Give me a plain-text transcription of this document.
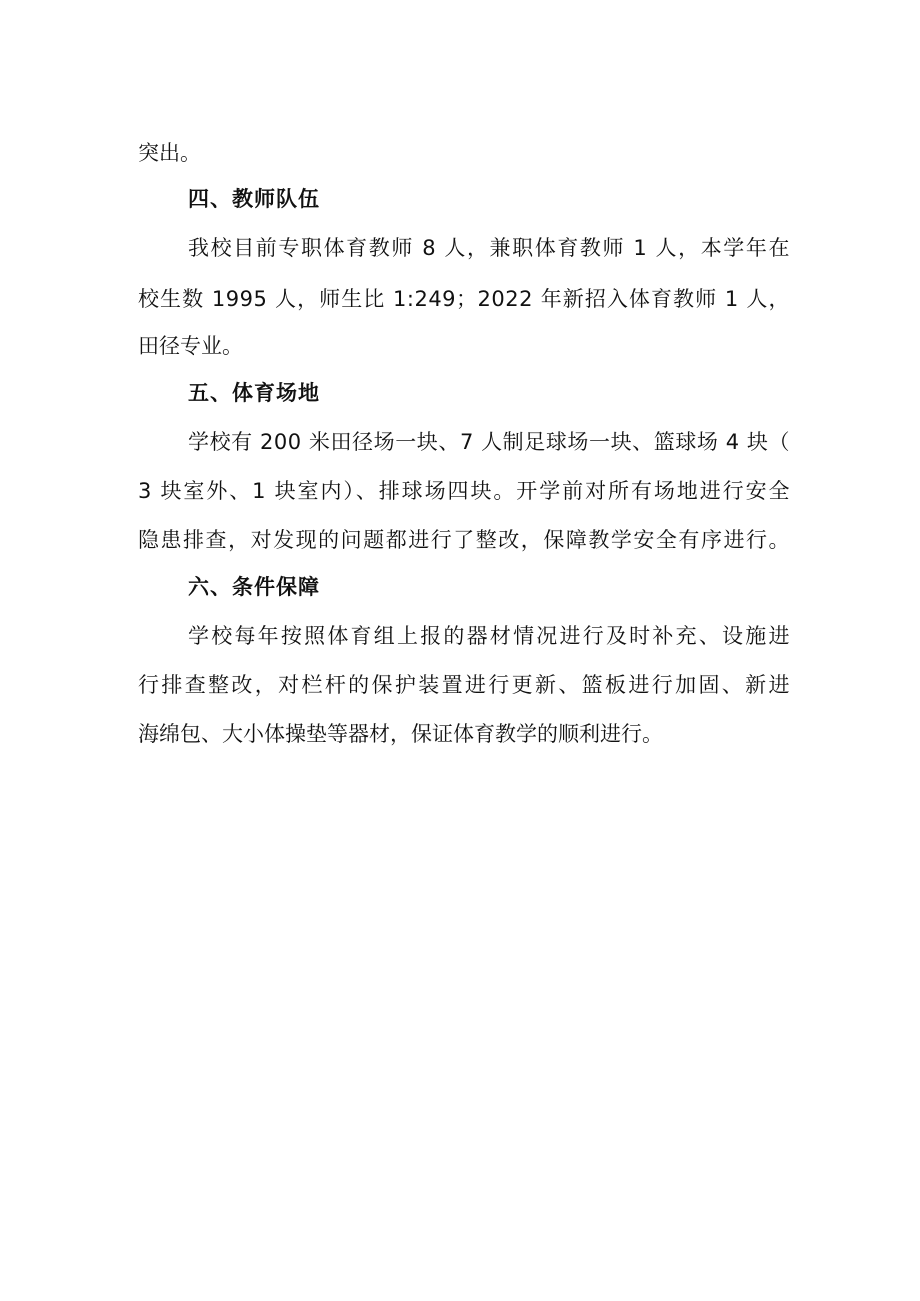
突出。
四、教师队伍
我校目前专职体育教师 8 人，兼职体育教师 1 人，本学年在
校生数 1995 人，师生比 1:249；2022 年新招入体育教师 1 人，
田径专业。
五、体育场地
学校有 200 米田径场一块、7 人制足球场一块、篮球场 4 块（
3 块室外、1 块室内）、排球场四块。开学前对所有场地进行安全
隐患排查，对发现的问题都进行了整改，保障教学安全有序进行。
六、条件保障
学校每年按照体育组上报的器材情况进行及时补充、设施进
行排查整改，对栏杆的保护装置进行更新、篮板进行加固、新进
海绵包、大小体操垫等器材，保证体育教学的顺利进行。
